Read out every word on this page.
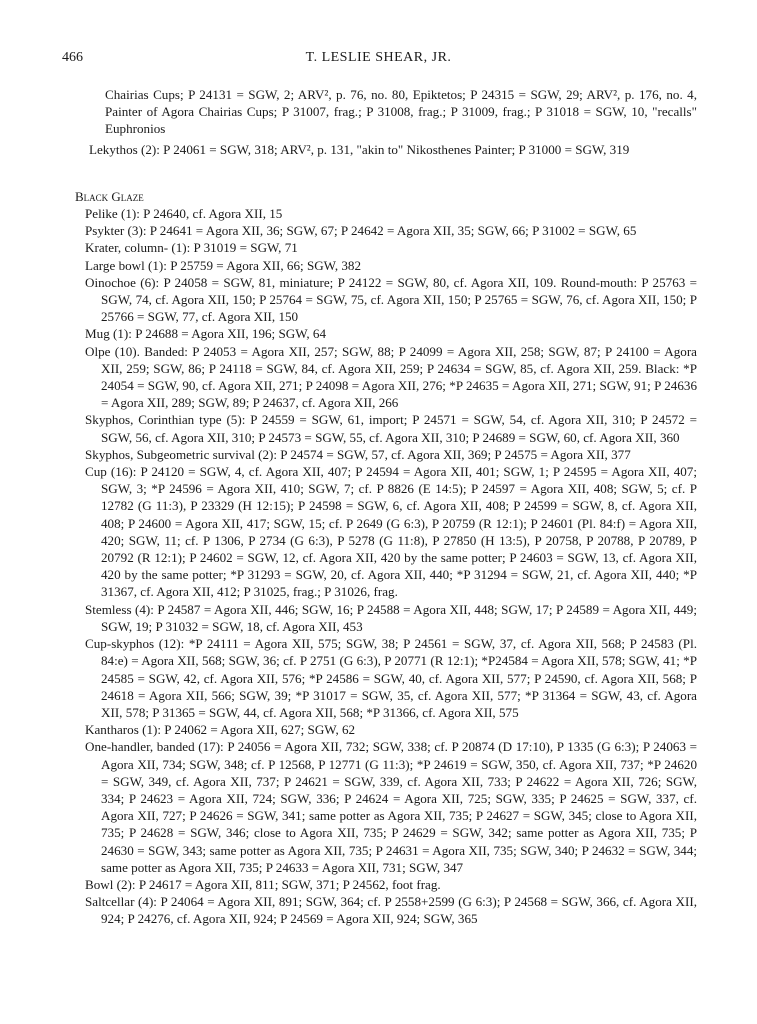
466	T. LESLIE SHEAR, JR.

Chairias Cups; P 24131 = SGW, 2; ARV², p. 76, no. 80, Epiktetos; P 24315 = SGW, 29; ARV², p. 176, no. 4, Painter of Agora Chairias Cups; P 31007, frag.; P 31008, frag.; P 31009, frag.; P 31018 = SGW, 10, "recalls" Euphronios

Lekythos (2): P 24061 = SGW, 318; ARV², p. 131, "akin to" Nikosthenes Painter; P 31000 = SGW, 319

Black Glaze

Pelike (1): P 24640, cf. Agora XII, 15

Psykter (3): P 24641 = Agora XII, 36; SGW, 67; P 24642 = Agora XII, 35; SGW, 66; P 31002 = SGW, 65

Krater, column- (1): P 31019 = SGW, 71

Large bowl (1): P 25759 = Agora XII, 66; SGW, 382

Oinochoe (6): P 24058 = SGW, 81, miniature; P 24122 = SGW, 80, cf. Agora XII, 109. Round-mouth: P 25763 = SGW, 74, cf. Agora XII, 150; P 25764 = SGW, 75, cf. Agora XII, 150; P 25765 = SGW, 76, cf. Agora XII, 150; P 25766 = SGW, 77, cf. Agora XII, 150

Mug (1): P 24688 = Agora XII, 196; SGW, 64

Olpe (10). Banded: P 24053 = Agora XII, 257; SGW, 88; P 24099 = Agora XII, 258; SGW, 87; P 24100 = Agora XII, 259; SGW, 86; P 24118 = SGW, 84, cf. Agora XII, 259; P 24634 = SGW, 85, cf. Agora XII, 259. Black: *P 24054 = SGW, 90, cf. Agora XII, 271; P 24098 = Agora XII, 276; *P 24635 = Agora XII, 271; SGW, 91; P 24636 = Agora XII, 289; SGW, 89; P 24637, cf. Agora XII, 266

Skyphos, Corinthian type (5): P 24559 = SGW, 61, import; P 24571 = SGW, 54, cf. Agora XII, 310; P 24572 = SGW, 56, cf. Agora XII, 310; P 24573 = SGW, 55, cf. Agora XII, 310; P 24689 = SGW, 60, cf. Agora XII, 360

Skyphos, Subgeometric survival (2): P 24574 = SGW, 57, cf. Agora XII, 369; P 24575 = Agora XII, 377

Cup (16): P 24120 = SGW, 4, cf. Agora XII, 407; P 24594 = Agora XII, 401; SGW, 1; P 24595 = Agora XII, 407; SGW, 3; *P 24596 = Agora XII, 410; SGW, 7; cf. P 8826 (E 14:5); P 24597 = Agora XII, 408; SGW, 5; cf. P 12782 (G 11:3), P 23329 (H 12:15); P 24598 = SGW, 6, cf. Agora XII, 408; P 24599 = SGW, 8, cf. Agora XII, 408; P 24600 = Agora XII, 417; SGW, 15; cf. P 2649 (G 6:3), P 20759 (R 12:1); P 24601 (Pl. 84:f) = Agora XII, 420; SGW, 11; cf. P 1306, P 2734 (G 6:3), P 5278 (G 11:8), P 27850 (H 13:5), P 20758, P 20788, P 20789, P 20792 (R 12:1); P 24602 = SGW, 12, cf. Agora XII, 420 by the same potter; P 24603 = SGW, 13, cf. Agora XII, 420 by the same potter; *P 31293 = SGW, 20, cf. Agora XII, 440; *P 31294 = SGW, 21, cf. Agora XII, 440; *P 31367, cf. Agora XII, 412; P 31025, frag.; P 31026, frag.

Stemless (4): P 24587 = Agora XII, 446; SGW, 16; P 24588 = Agora XII, 448; SGW, 17; P 24589 = Agora XII, 449; SGW, 19; P 31032 = SGW, 18, cf. Agora XII, 453

Cup-skyphos (12): *P 24111 = Agora XII, 575; SGW, 38; P 24561 = SGW, 37, cf. Agora XII, 568; P 24583 (Pl. 84:e) = Agora XII, 568; SGW, 36; cf. P 2751 (G 6:3), P 20771 (R 12:1); *P24584 = Agora XII, 578; SGW, 41; *P 24585 = SGW, 42, cf. Agora XII, 576; *P 24586 = SGW, 40, cf. Agora XII, 577; P 24590, cf. Agora XII, 568; P 24618 = Agora XII, 566; SGW, 39; *P 31017 = SGW, 35, cf. Agora XII, 577; *P 31364 = SGW, 43, cf. Agora XII, 578; P 31365 = SGW, 44, cf. Agora XII, 568; *P 31366, cf. Agora XII, 575

Kantharos (1): P 24062 = Agora XII, 627; SGW, 62

One-handler, banded (17): P 24056 = Agora XII, 732; SGW, 338; cf. P 20874 (D 17:10), P 1335 (G 6:3); P 24063 = Agora XII, 734; SGW, 348; cf. P 12568, P 12771 (G 11:3); *P 24619 = SGW, 350, cf. Agora XII, 737; *P 24620 = SGW, 349, cf. Agora XII, 737; P 24621 = SGW, 339, cf. Agora XII, 733; P 24622 = Agora XII, 726; SGW, 334; P 24623 = Agora XII, 724; SGW, 336; P 24624 = Agora XII, 725; SGW, 335; P 24625 = SGW, 337, cf. Agora XII, 727; P 24626 = SGW, 341; same potter as Agora XII, 735; P 24627 = SGW, 345; close to Agora XII, 735; P 24628 = SGW, 346; close to Agora XII, 735; P 24629 = SGW, 342; same potter as Agora XII, 735; P 24630 = SGW, 343; same potter as Agora XII, 735; P 24631 = Agora XII, 735; SGW, 340; P 24632 = SGW, 344; same potter as Agora XII, 735; P 24633 = Agora XII, 731; SGW, 347

Bowl (2): P 24617 = Agora XII, 811; SGW, 371; P 24562, foot frag.

Saltcellar (4): P 24064 = Agora XII, 891; SGW, 364; cf. P 2558+2599 (G 6:3); P 24568 = SGW, 366, cf. Agora XII, 924; P 24276, cf. Agora XII, 924; P 24569 = Agora XII, 924; SGW, 365
